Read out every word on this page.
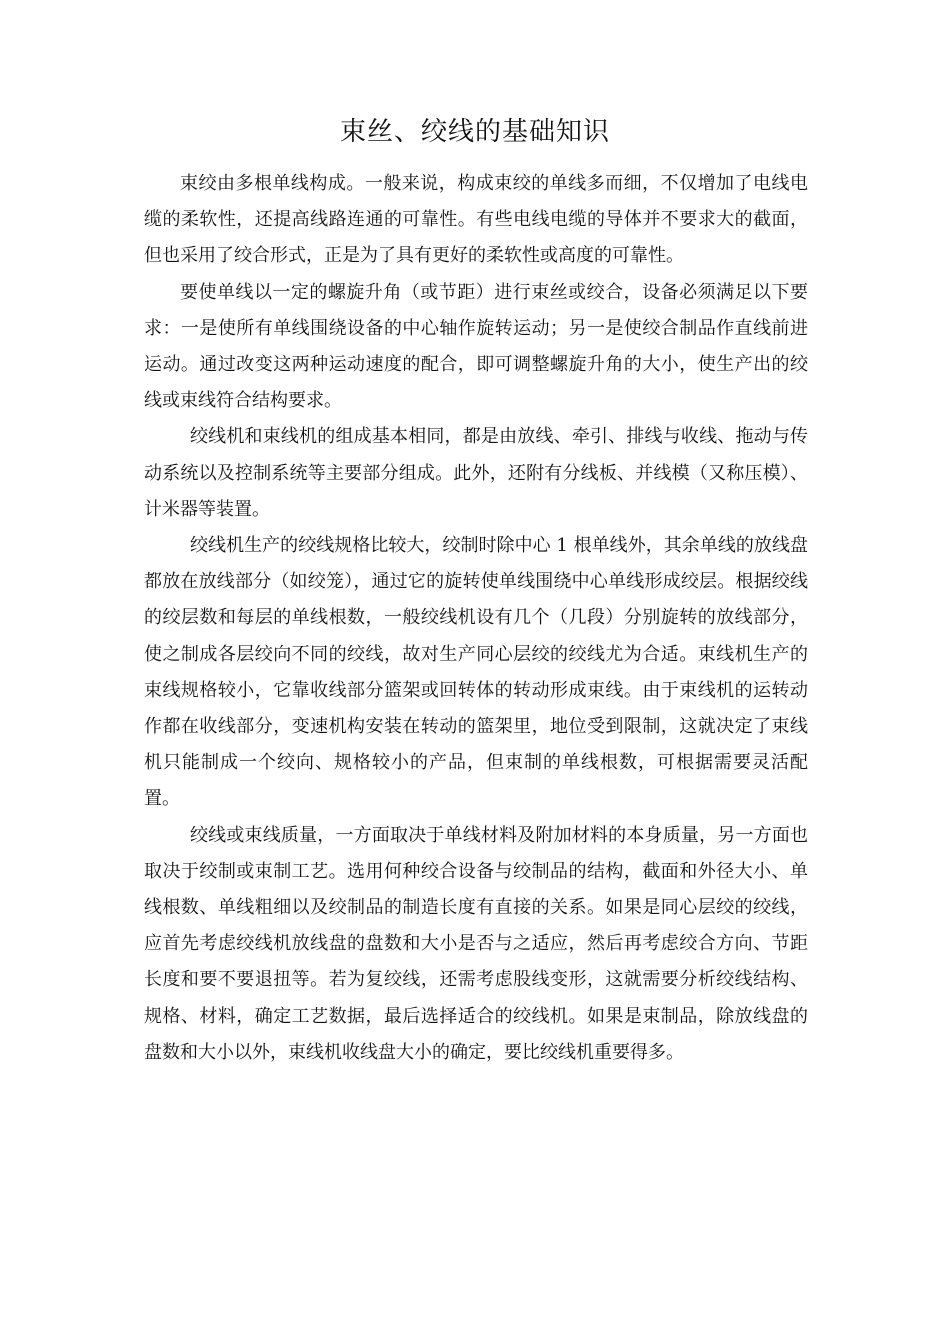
束丝、绞线的基础知识

束绞由多根单线构成。一般来说，构成束绞的单线多而细，不仅增加了电线电缆的柔软性，还提高线路连通的可靠性。有些电线电缆的导体并不要求大的截面，但也采用了绞合形式，正是为了具有更好的柔软性或高度的可靠性。

要使单线以一定的螺旋升角（或节距）进行束丝或绞合，设备必须满足以下要求：一是使所有单线围绕设备的中心轴作旋转运动；另一是使绞合制品作直线前进运动。通过改变这两种运动速度的配合，即可调整螺旋升角的大小，使生产出的绞线或束线符合结构要求。

绞线机和束线机的组成基本相同，都是由放线、牵引、排线与收线、拖动与传动系统以及控制系统等主要部分组成。此外，还附有分线板、并线模（又称压模）、计米器等装置。

绞线机生产的绞线规格比较大，绞制时除中心 1 根单线外，其余单线的放线盘都放在放线部分（如绞笼），通过它的旋转使单线围绕中心单线形成绞层。根据绞线的绞层数和每层的单线根数，一般绞线机设有几个（几段）分别旋转的放线部分，使之制成各层绞向不同的绞线，故对生产同心层绞的绞线尤为合适。束线机生产的束线规格较小，它靠收线部分篮架或回转体的转动形成束线。由于束线机的运转动作都在收线部分，变速机构安装在转动的篮架里，地位受到限制，这就决定了束线机只能制成一个绞向、规格较小的产品，但束制的单线根数，可根据需要灵活配置。

绞线或束线质量，一方面取决于单线材料及附加材料的本身质量，另一方面也取决于绞制或束制工艺。选用何种绞合设备与绞制品的结构，截面和外径大小、单线根数、单线粗细以及绞制品的制造长度有直接的关系。如果是同心层绞的绞线，应首先考虑绞线机放线盘的盘数和大小是否与之适应，然后再考虑绞合方向、节距长度和要不要退扭等。若为复绞线，还需考虑股线变形，这就需要分析绞线结构、规格、材料，确定工艺数据，最后选择适合的绞线机。如果是束制品，除放线盘的盘数和大小以外，束线机收线盘大小的确定，要比绞线机重要得多。
